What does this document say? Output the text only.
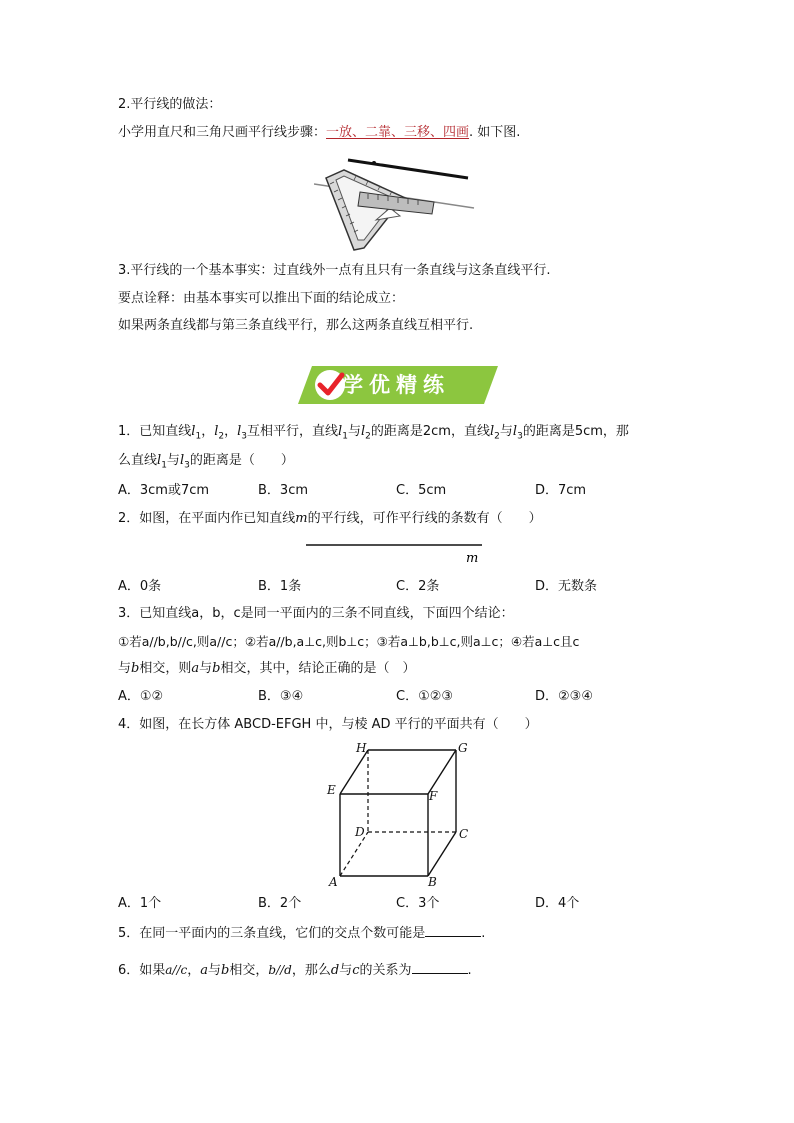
2.平行线的做法：
小学用直尺和三角尺画平行线步骤：一放、二靠、三移、四画. 如下图.
3.平行线的一个基本事实：过直线外一点有且只有一条直线与这条直线平行.
要点诠释：由基本事实可以推出下面的结论成立：
如果两条直线都与第三条直线平行，那么这两条直线互相平行.
学优精练
1．已知直线$l_1$，$l_2$，$l_3$互相平行，直线$l_1$与$l_2$的距离是2cm，直线$l_2$与$l_3$的距离是5cm，那
么直线$l_1$与$l_3$的距离是（　　）
A．3cm或7cm	B．3cm	C．5cm	D．7cm
2．如图，在平面内作已知直线m的平行线，可作平行线的条数有（　　）
m
A．0条	B．1条	C．2条	D．无数条
3．已知直线a，b，c是同一平面内的三条不同直线，下面四个结论：
①若a//b,b//c,则a//c；②若a//b,a⊥c,则b⊥c；③若a⊥b,b⊥c,则a⊥c；④若a⊥c且c
与b相交，则a与b相交，其中，结论正确的是（　）
A．①②	B．③④	C．①②③	D．②③④
4．如图，在长方体 ABCD-EFGH 中，与棱 AD 平行的平面共有（　　）
H	G
E	F
D	C
A	B
A．1个	B．2个	C．3个	D．4个
5．在同一平面内的三条直线，它们的交点个数可能是	.
6．如果a//c，a与b相交，b//d，那么d与c的关系为	.
